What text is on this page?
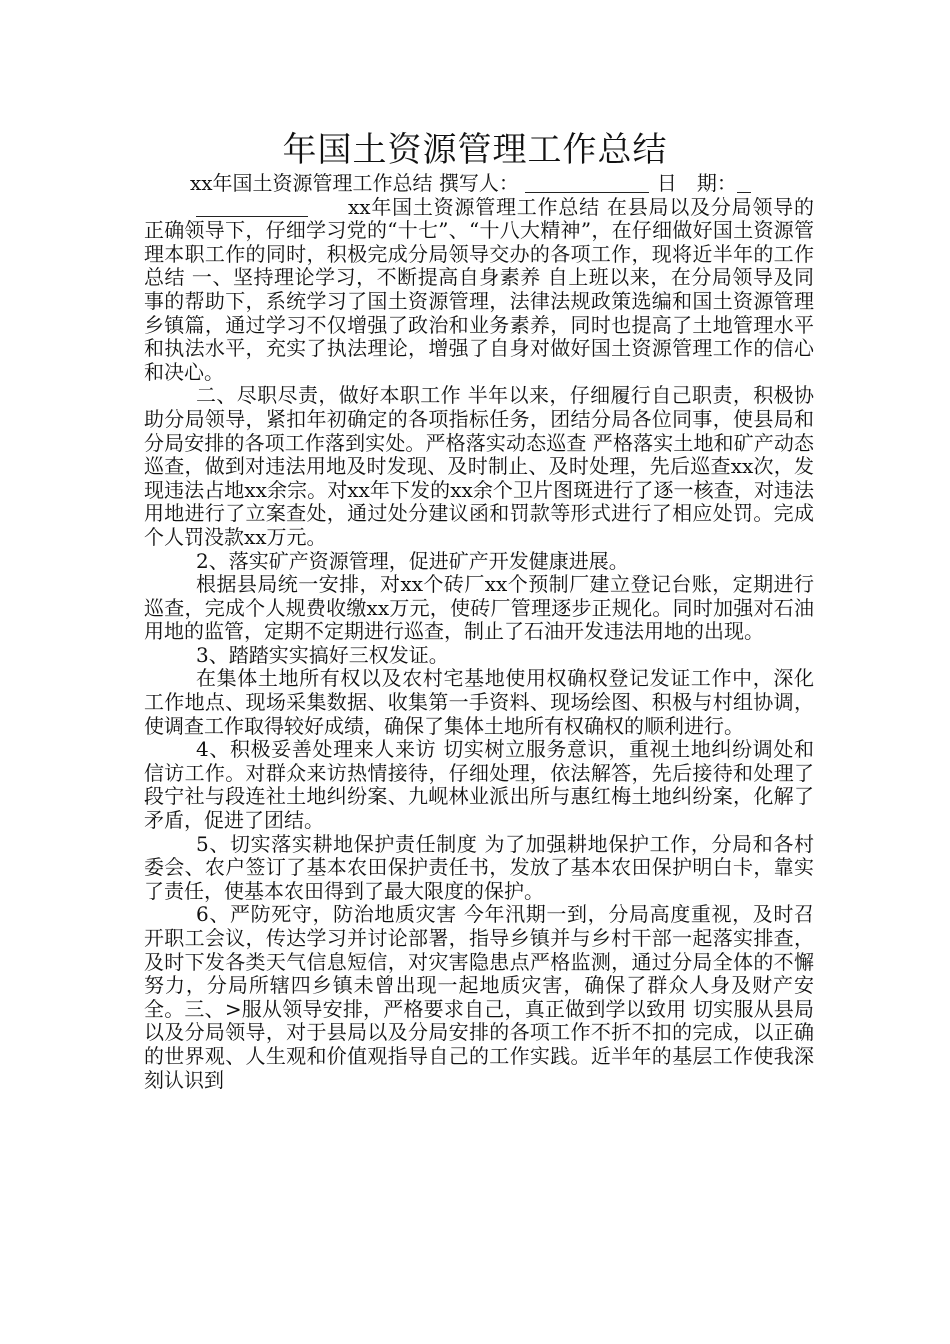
年国土资源管理工作总结
xx年国土资源管理工作总结 撰写人：	日　期：

xx年国土资源管理工作总结 在县局以及分局领导的正确领导下，仔细学习党的“十七”、“十八大精神”，在仔细做好国土资源管理本职工作的同时，积极完成分局领导交办的各项工作，现将近半年的工作总结 一、坚持理论学习，不断提高自身素养 自上班以来，在分局领导及同事的帮助下，系统学习了国土资源管理，法律法规政策选编和国土资源管理乡镇篇，通过学习不仅增强了政治和业务素养，同时也提高了土地管理水平和执法水平，充实了执法理论，增强了自身对做好国土资源管理工作的信心和决心。

二、尽职尽责，做好本职工作 半年以来，仔细履行自己职责，积极协助分局领导，紧扣年初确定的各项指标任务，团结分局各位同事，使县局和分局安排的各项工作落到实处。严格落实动态巡查 严格落实土地和矿产动态巡查，做到对违法用地及时发现、及时制止、及时处理，先后巡查xx次，发现违法占地xx余宗。对xx年下发的xx余个卫片图斑进行了逐一核查，对违法用地进行了立案查处，通过处分建议函和罚款等形式进行了相应处罚。完成个人罚没款xx万元。

2、落实矿产资源管理，促进矿产开发健康进展。

根据县局统一安排，对xx个砖厂xx个预制厂建立登记台账，定期进行巡查，完成个人规费收缴xx万元，使砖厂管理逐步正规化。同时加强对石油用地的监管，定期不定期进行巡查，制止了石油开发违法用地的出现。

3、踏踏实实搞好三权发证。

在集体土地所有权以及农村宅基地使用权确权登记发证工作中，深化工作地点、现场采集数据、收集第一手资料、现场绘图、积极与村组协调，使调查工作取得较好成绩，确保了集体土地所有权确权的顺利进行。

4、积极妥善处理来人来访 切实树立服务意识，重视土地纠纷调处和信访工作。对群众来访热情接待，仔细处理，依法解答，先后接待和处理了段宁社与段连社土地纠纷案、九岘林业派出所与惠红梅土地纠纷案，化解了矛盾，促进了团结。

5、切实落实耕地保护责任制度 为了加强耕地保护工作，分局和各村委会、农户签订了基本农田保护责任书，发放了基本农田保护明白卡，靠实了责任，使基本农田得到了最大限度的保护。

6、严防死守，防治地质灾害 今年汛期一到，分局高度重视，及时召开职工会议，传达学习并讨论部署，指导乡镇并与乡村干部一起落实排查，及时下发各类天气信息短信，对灾害隐患点严格监测，通过分局全体的不懈努力，分局所辖四乡镇未曾出现一起地质灾害，确保了群众人身及财产安全。三、>服从领导安排，严格要求自己，真正做到学以致用 切实服从县局以及分局领导，对于县局以及分局安排的各项工作不折不扣的完成，以正确的世界观、人生观和价值观指导自己的工作实践。近半年的基层工作使我深刻认识到
